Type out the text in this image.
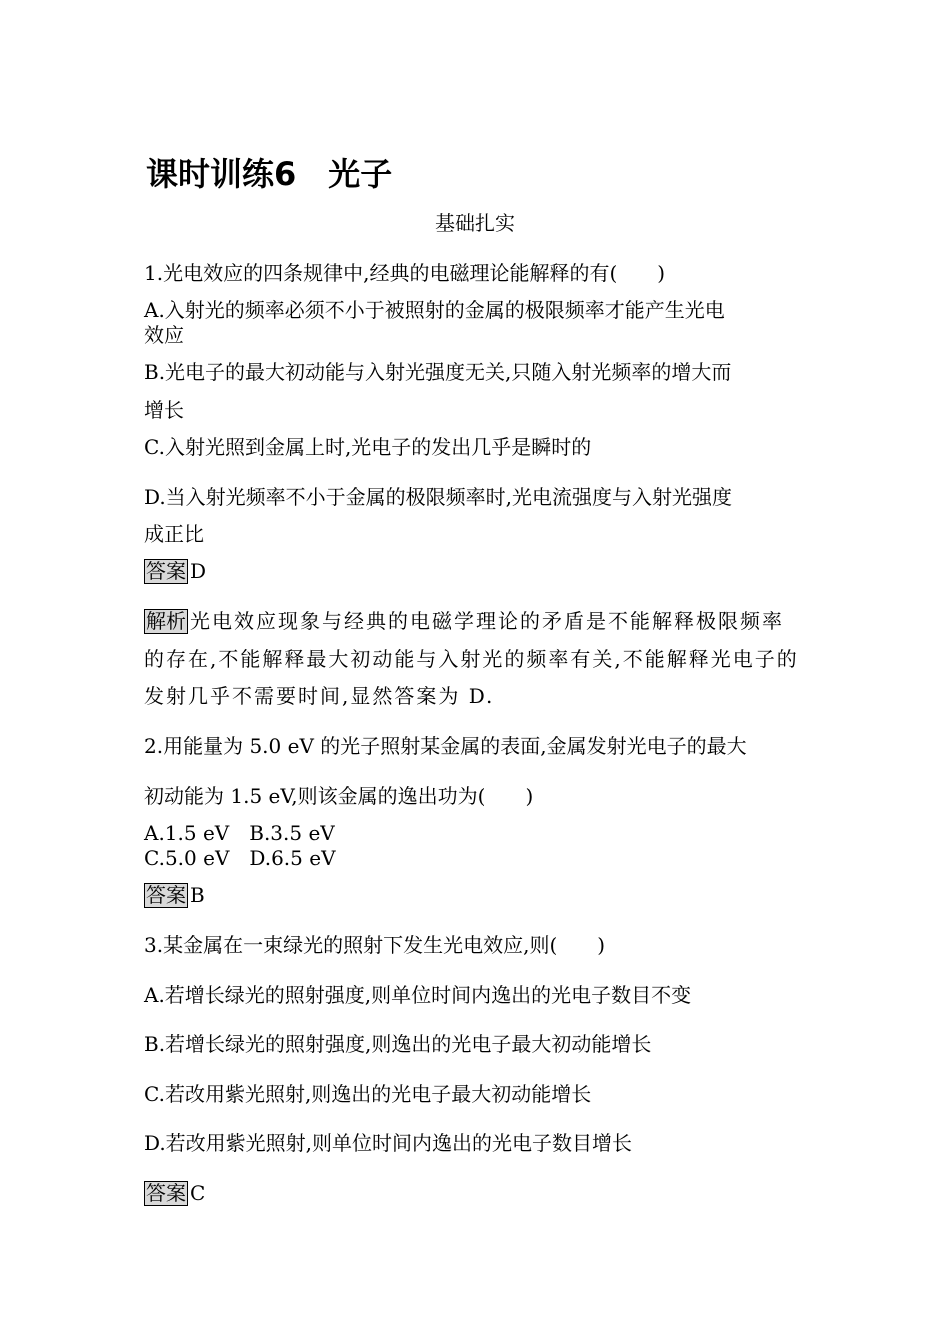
课时训练6　光子
基础扎实
1.光电效应的四条规律中,经典的电磁理论能解释的有(　　)
A.入射光的频率必须不小于被照射的金属的极限频率才能产生光电
效应
B.光电子的最大初动能与入射光强度无关,只随入射光频率的增大而
增长
C.入射光照到金属上时,光电子的发出几乎是瞬时的
D.当入射光频率不小于金属的极限频率时,光电流强度与入射光强度
成正比
答案 D
解析 光电效应现象与经典的电磁学理论的矛盾是不能解释极限频率
的存在,不能解释最大初动能与入射光的频率有关,不能解释光电子的
发射几乎不需要时间,显然答案为 D.
2.用能量为 5.0 eV 的光子照射某金属的表面,金属发射光电子的最大
初动能为 1.5 eV,则该金属的逸出功为(　　)
A.1.5 eV　B.3.5 eV
C.5.0 eV　D.6.5 eV
答案 B
3.某金属在一束绿光的照射下发生光电效应,则(　　)
A.若增长绿光的照射强度,则单位时间内逸出的光电子数目不变
B.若增长绿光的照射强度,则逸出的光电子最大初动能增长
C.若改用紫光照射,则逸出的光电子最大初动能增长
D.若改用紫光照射,则单位时间内逸出的光电子数目增长
答案 C
